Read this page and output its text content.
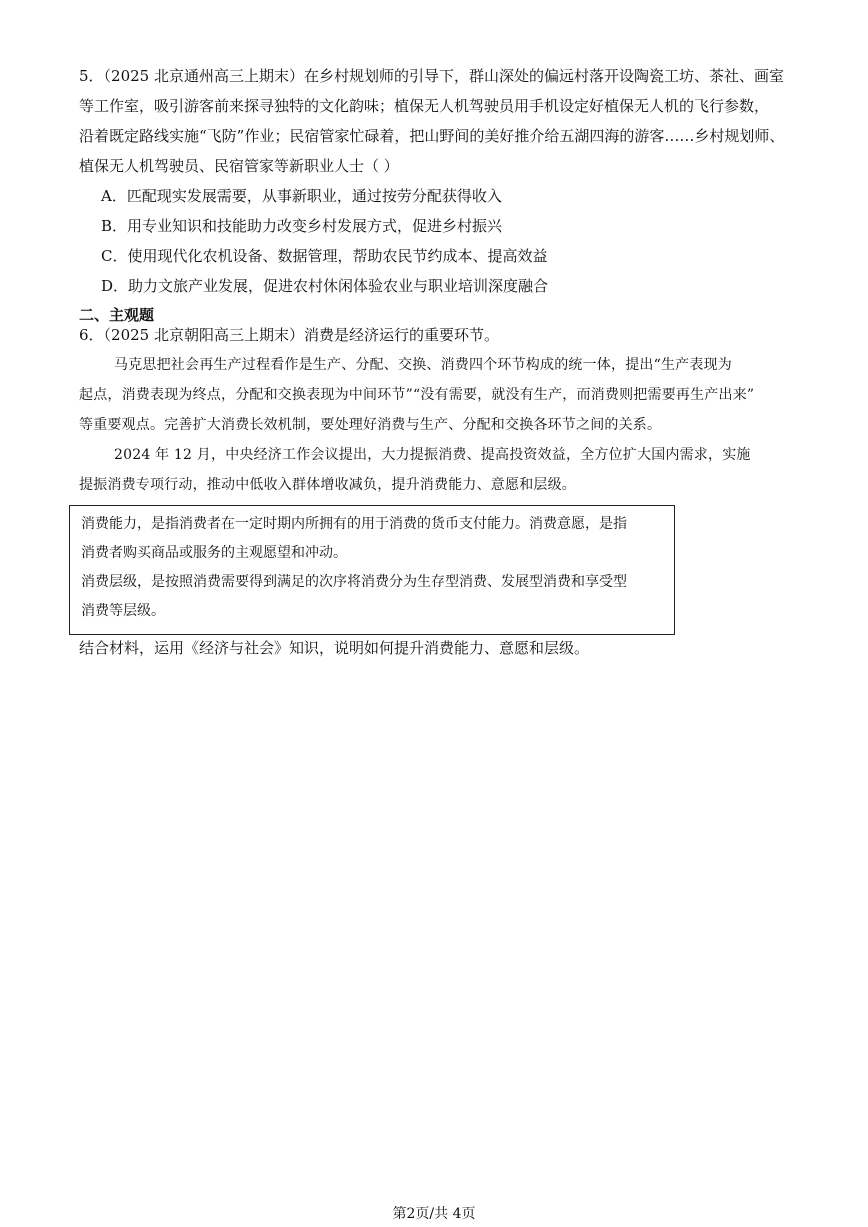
5．（2025 北京通州高三上期末）在乡村规划师的引导下，群山深处的偏远村落开设陶瓷工坊、茶社、画室
等工作室，吸引游客前来探寻独特的文化韵味；植保无人机驾驶员用手机设定好植保无人机的飞行参数，
沿着既定路线实施“飞防”作业；民宿管家忙碌着，把山野间的美好推介给五湖四海的游客……乡村规划师、
植保无人机驾驶员、民宿管家等新职业人士（ ）
A．匹配现实发展需要，从事新职业，通过按劳分配获得收入
B．用专业知识和技能助力改变乡村发展方式，促进乡村振兴
C．使用现代化农机设备、数据管理，帮助农民节约成本、提高效益
D．助力文旅产业发展，促进农村休闲体验农业与职业培训深度融合
二、主观题
6．（2025 北京朝阳高三上期末）消费是经济运行的重要环节。
马克思把社会再生产过程看作是生产、分配、交换、消费四个环节构成的统一体，提出“生产表现为
起点，消费表现为终点，分配和交换表现为中间环节”“没有需要，就没有生产，而消费则把需要再生产出来”
等重要观点。完善扩大消费长效机制，要处理好消费与生产、分配和交换各环节之间的关系。
2024 年 12 月，中央经济工作会议提出，大力提振消费、提高投资效益，全方位扩大国内需求，实施
提振消费专项行动，推动中低收入群体增收减负，提升消费能力、意愿和层级。
消费能力，是指消费者在一定时期内所拥有的用于消费的货币支付能力。消费意愿，是指
消费者购买商品或服务的主观愿望和冲动。
消费层级，是按照消费需要得到满足的次序将消费分为生存型消费、发展型消费和享受型
消费等层级。
结合材料，运用《经济与社会》知识，说明如何提升消费能力、意愿和层级。
第2页/共 4页
